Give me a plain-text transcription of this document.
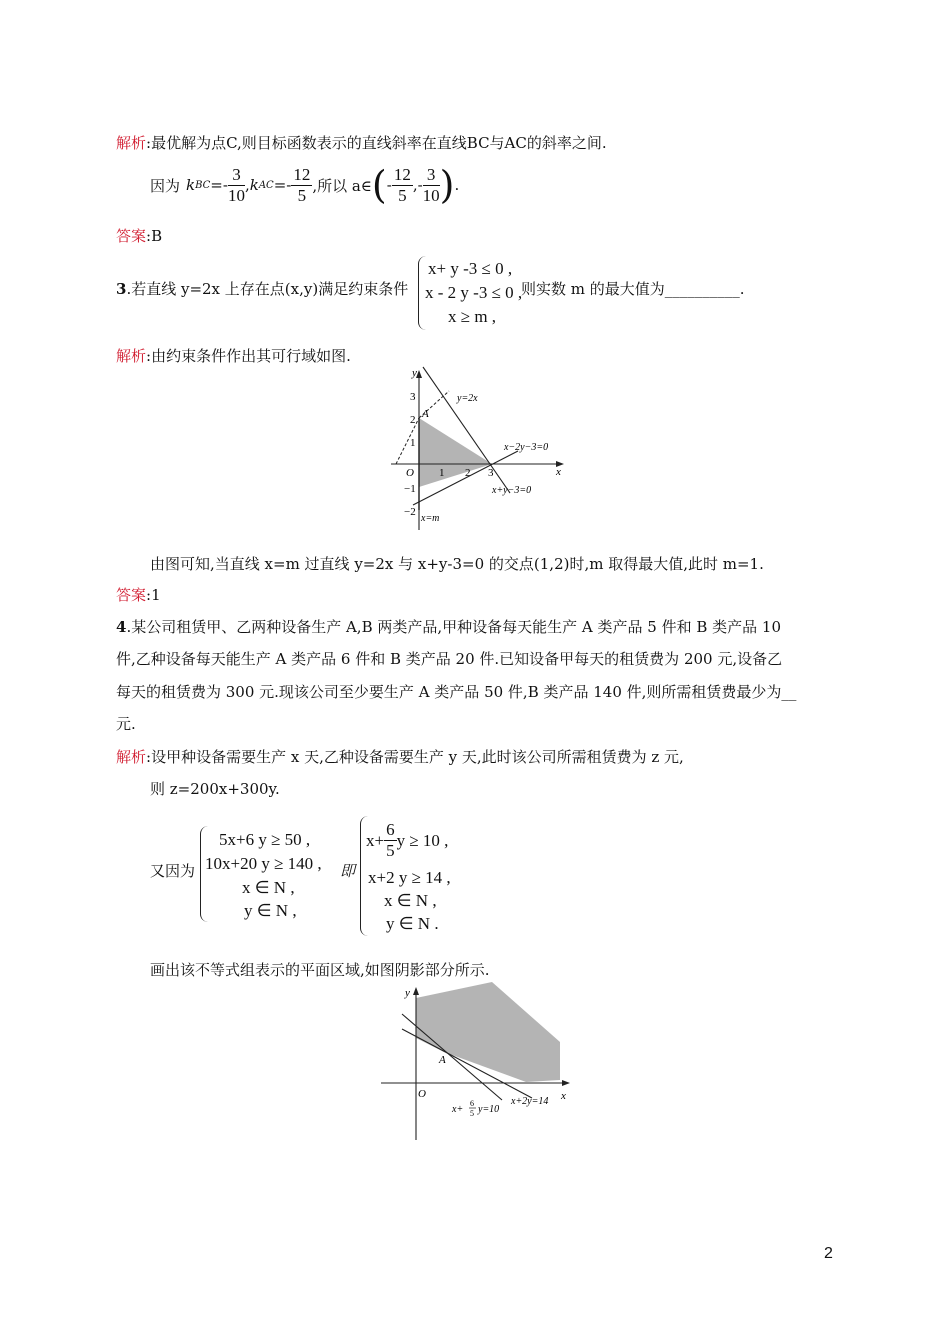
解析:最优解为点C,则目标函数表示的直线斜率在直线BC与AC的斜率之间.
因为 k BC =- $\frac{3}{10}$ , k AC =- $\frac{12}{5}$ ,所以 a∈ ( - $\frac{12}{5}$ ,- $\frac{3}{10}$ ) .
答案:B
3.若直线 y=2x 上存在点(x,y)满足约束条件
x+ y -3 ≤ 0 ,
x - 2 y -3 ≤ 0 ,
x ≥ m ,
则实数 m 的最大值为__________.
解析:由约束条件作出其可行域如图.
y
x
O
3
2
1
−1
−2
1 2 3
A
y=2x
x−2y−3=0
x+y−3=0
x=m
由图可知,当直线 x=m 过直线 y=2x 与 x+y-3=0 的交点(1,2)时,m 取得最大值,此时 m=1.
答案:1
4.某公司租赁甲、乙两种设备生产 A,B 两类产品,甲种设备每天能生产 A 类产品 5 件和 B 类产品 10
件,乙种设备每天能生产 A 类产品 6 件和 B 类产品 20 件.已知设备甲每天的租赁费为 200 元,设备乙
每天的租赁费为 300 元.现该公司至少要生产 A 类产品 50 件,B 类产品 140 件,则所需租赁费最少为__
元.
解析:设甲种设备需要生产 x 天,乙种设备需要生产 y 天,此时该公司所需租赁费为 z 元,
则 z=200x+300y.
又因为
5x+6 y ≥ 50 ,
10x+20 y ≥ 140 ,
x ∈ N ,
y ∈ N ,
即
$x+ \frac{6}{5}$ y ≥ 10 ,
x+2 y ≥ 14 ,
x ∈ N ,
y ∈ N .
画出该不等式组表示的平面区域,如图阴影部分所示.
y
x
O
A
x+
6
5 y=10
x+2y=14
2
